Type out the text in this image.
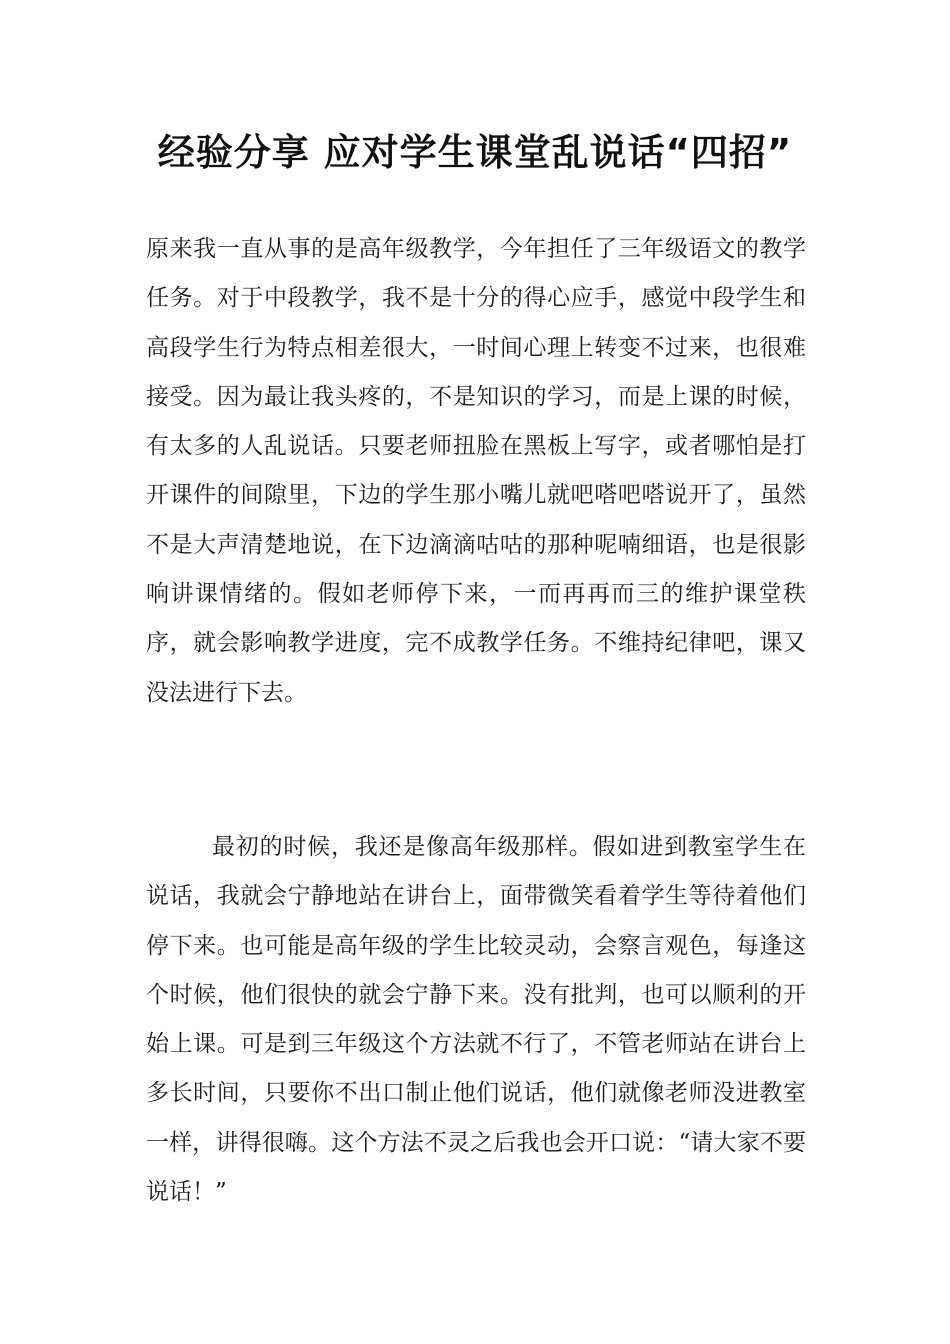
经验分享 应对学生课堂乱说话“四招”

原来我一直从事的是高年级教学，今年担任了三年级语文的教学任务。对于中段教学，我不是十分的得心应手，感觉中段学生和高段学生行为特点相差很大，一时间心理上转变不过来，也很难接受。因为最让我头疼的，不是知识的学习，而是上课的时候，有太多的人乱说话。只要老师扭脸在黑板上写字，或者哪怕是打开课件的间隙里，下边的学生那小嘴儿就吧嗒吧嗒说开了，虽然不是大声清楚地说，在下边滴滴咕咕的那种呢喃细语，也是很影响讲课情绪的。假如老师停下来，一而再再而三的维护课堂秩序，就会影响教学进度，完不成教学任务。不维持纪律吧，课又没法进行下去。

最初的时候，我还是像高年级那样。假如进到教室学生在说话，我就会宁静地站在讲台上，面带微笑看着学生等待着他们停下来。也可能是高年级的学生比较灵动，会察言观色，每逢这个时候，他们很快的就会宁静下来。没有批判，也可以顺利的开始上课。可是到三年级这个方法就不行了，不管老师站在讲台上多长时间，只要你不出口制止他们说话，他们就像老师没进教室一样，讲得很嗨。这个方法不灵之后我也会开口说：“请大家不要说话！”
